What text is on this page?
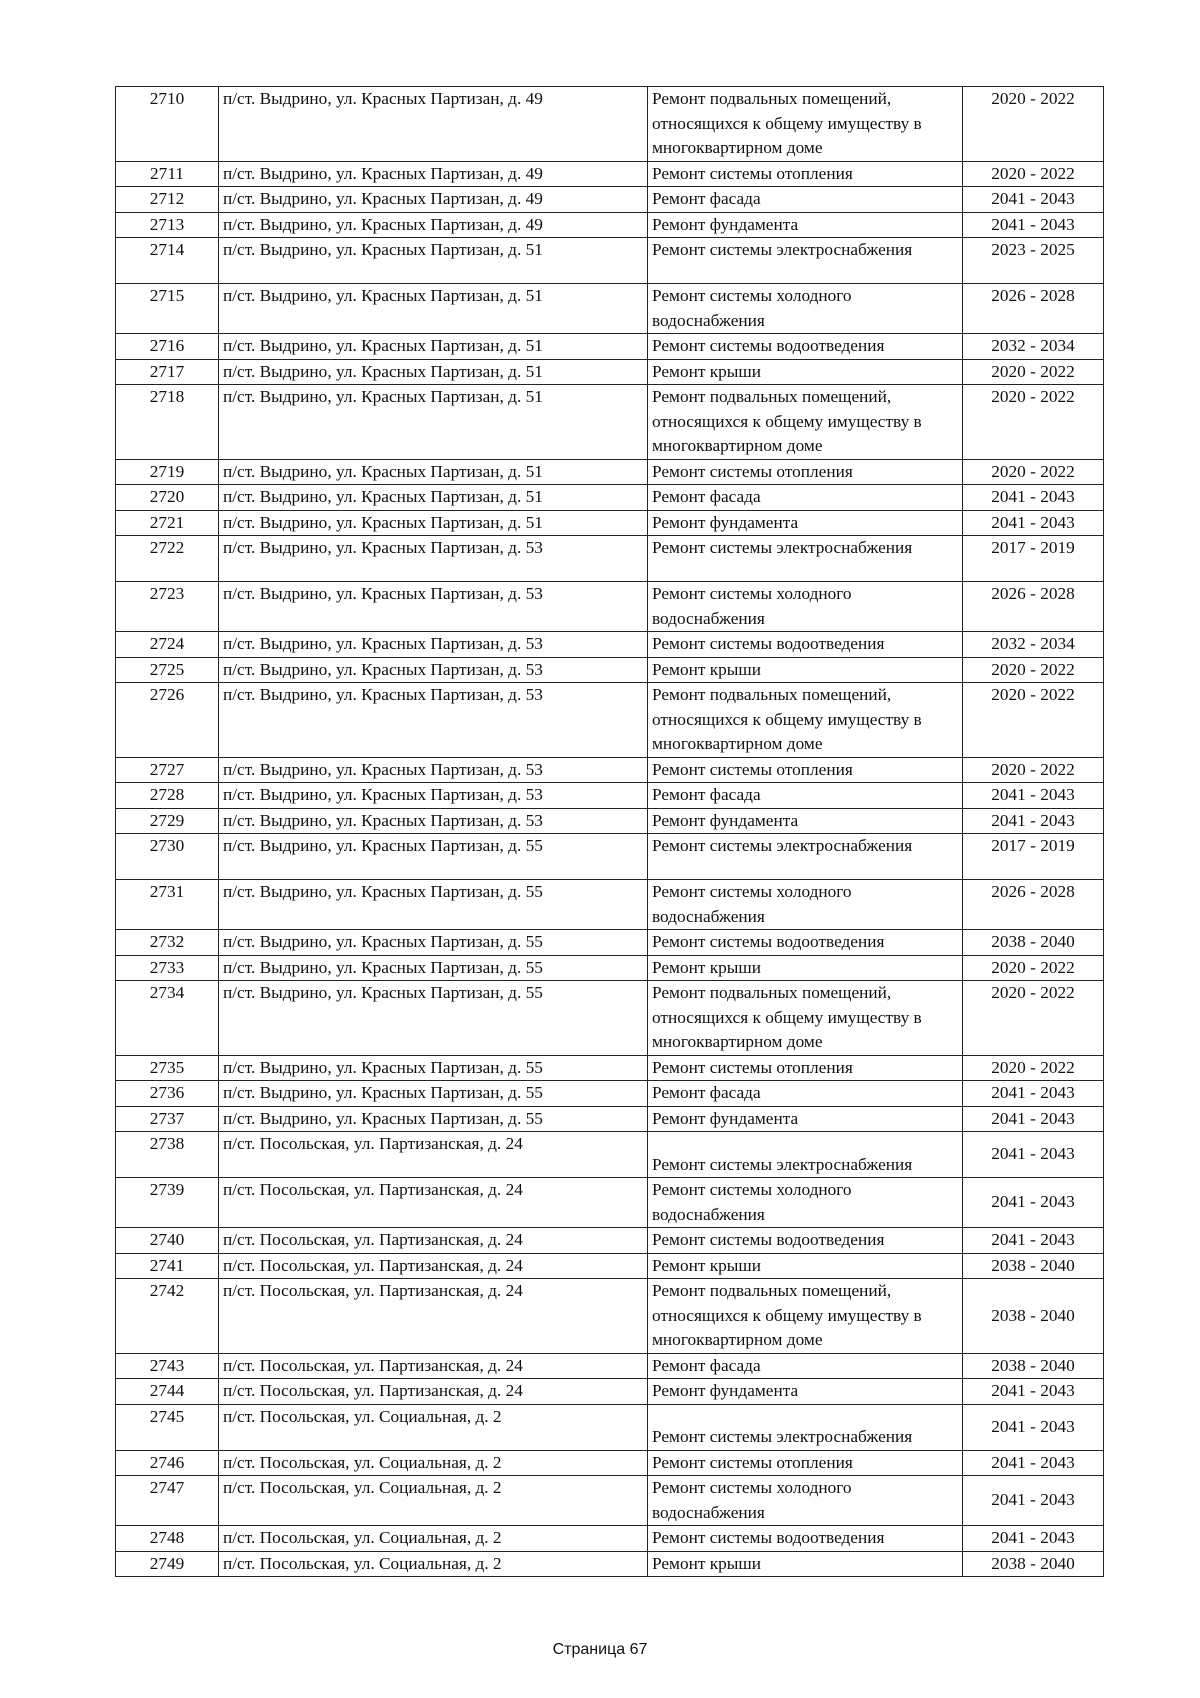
2710	п/ст. Выдрино, ул. Красных Партизан, д. 49	Ремонт подвальных помещений, относящихся к общему имуществу в многоквартирном доме	2020 - 2022
2711	п/ст. Выдрино, ул. Красных Партизан, д. 49	Ремонт системы отопления	2020 - 2022
2712	п/ст. Выдрино, ул. Красных Партизан, д. 49	Ремонт фасада	2041 - 2043
2713	п/ст. Выдрино, ул. Красных Партизан, д. 49	Ремонт фундамента	2041 - 2043
2714	п/ст. Выдрино, ул. Красных Партизан, д. 51	Ремонт системы электроснабжения	2023 - 2025
2715	п/ст. Выдрино, ул. Красных Партизан, д. 51	Ремонт системы холодного водоснабжения	2026 - 2028
2716	п/ст. Выдрино, ул. Красных Партизан, д. 51	Ремонт системы водоотведения	2032 - 2034
2717	п/ст. Выдрино, ул. Красных Партизан, д. 51	Ремонт крыши	2020 - 2022
2718	п/ст. Выдрино, ул. Красных Партизан, д. 51	Ремонт подвальных помещений, относящихся к общему имуществу в многоквартирном доме	2020 - 2022
2719	п/ст. Выдрино, ул. Красных Партизан, д. 51	Ремонт системы отопления	2020 - 2022
2720	п/ст. Выдрино, ул. Красных Партизан, д. 51	Ремонт фасада	2041 - 2043
2721	п/ст. Выдрино, ул. Красных Партизан, д. 51	Ремонт фундамента	2041 - 2043
2722	п/ст. Выдрино, ул. Красных Партизан, д. 53	Ремонт системы электроснабжения	2017 - 2019
2723	п/ст. Выдрино, ул. Красных Партизан, д. 53	Ремонт системы холодного водоснабжения	2026 - 2028
2724	п/ст. Выдрино, ул. Красных Партизан, д. 53	Ремонт системы водоотведения	2032 - 2034
2725	п/ст. Выдрино, ул. Красных Партизан, д. 53	Ремонт крыши	2020 - 2022
2726	п/ст. Выдрино, ул. Красных Партизан, д. 53	Ремонт подвальных помещений, относящихся к общему имуществу в многоквартирном доме	2020 - 2022
2727	п/ст. Выдрино, ул. Красных Партизан, д. 53	Ремонт системы отопления	2020 - 2022
2728	п/ст. Выдрино, ул. Красных Партизан, д. 53	Ремонт фасада	2041 - 2043
2729	п/ст. Выдрино, ул. Красных Партизан, д. 53	Ремонт фундамента	2041 - 2043
2730	п/ст. Выдрино, ул. Красных Партизан, д. 55	Ремонт системы электроснабжения	2017 - 2019
2731	п/ст. Выдрино, ул. Красных Партизан, д. 55	Ремонт системы холодного водоснабжения	2026 - 2028
2732	п/ст. Выдрино, ул. Красных Партизан, д. 55	Ремонт системы водоотведения	2038 - 2040
2733	п/ст. Выдрино, ул. Красных Партизан, д. 55	Ремонт крыши	2020 - 2022
2734	п/ст. Выдрино, ул. Красных Партизан, д. 55	Ремонт подвальных помещений, относящихся к общему имуществу в многоквартирном доме	2020 - 2022
2735	п/ст. Выдрино, ул. Красных Партизан, д. 55	Ремонт системы отопления	2020 - 2022
2736	п/ст. Выдрино, ул. Красных Партизан, д. 55	Ремонт фасада	2041 - 2043
2737	п/ст. Выдрино, ул. Красных Партизан, д. 55	Ремонт фундамента	2041 - 2043
2738	п/ст. Посольская, ул. Партизанская, д. 24	Ремонт системы электроснабжения	2041 - 2043
2739	п/ст. Посольская, ул. Партизанская, д. 24	Ремонт системы холодного водоснабжения	2041 - 2043
2740	п/ст. Посольская, ул. Партизанская, д. 24	Ремонт системы водоотведения	2041 - 2043
2741	п/ст. Посольская, ул. Партизанская, д. 24	Ремонт крыши	2038 - 2040
2742	п/ст. Посольская, ул. Партизанская, д. 24	Ремонт подвальных помещений, относящихся к общему имуществу в многоквартирном доме	2038 - 2040
2743	п/ст. Посольская, ул. Партизанская, д. 24	Ремонт фасада	2038 - 2040
2744	п/ст. Посольская, ул. Партизанская, д. 24	Ремонт фундамента	2041 - 2043
2745	п/ст. Посольская, ул. Социальная, д. 2	Ремонт системы электроснабжения	2041 - 2043
2746	п/ст. Посольская, ул. Социальная, д. 2	Ремонт системы отопления	2041 - 2043
2747	п/ст. Посольская, ул. Социальная, д. 2	Ремонт системы холодного водоснабжения	2041 - 2043
2748	п/ст. Посольская, ул. Социальная, д. 2	Ремонт системы водоотведения	2041 - 2043
2749	п/ст. Посольская, ул. Социальная, д. 2	Ремонт крыши	2038 - 2040
Страница 67
